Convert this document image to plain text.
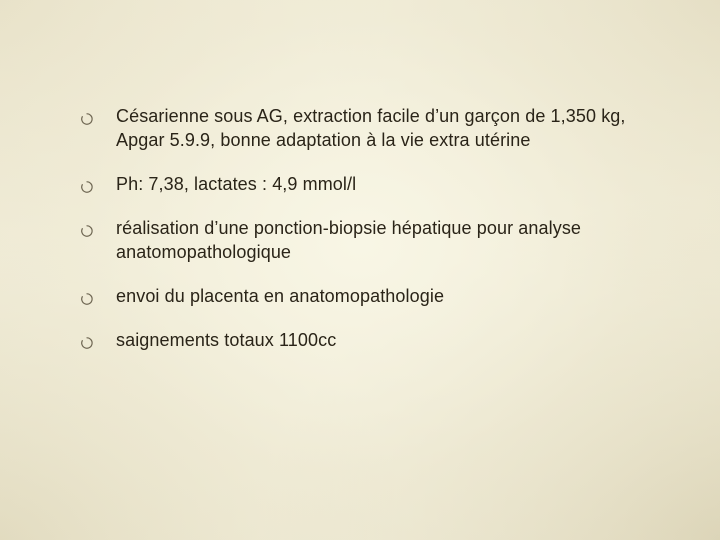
Césarienne sous AG, extraction facile d’un garçon de 1,350 kg, Apgar 5.9.9, bonne adaptation à la vie extra utérine
Ph: 7,38, lactates : 4,9 mmol/l
réalisation d’une ponction-biopsie hépatique pour analyse anatomopathologique
envoi du placenta en anatomopathologie
saignements totaux 1100cc
